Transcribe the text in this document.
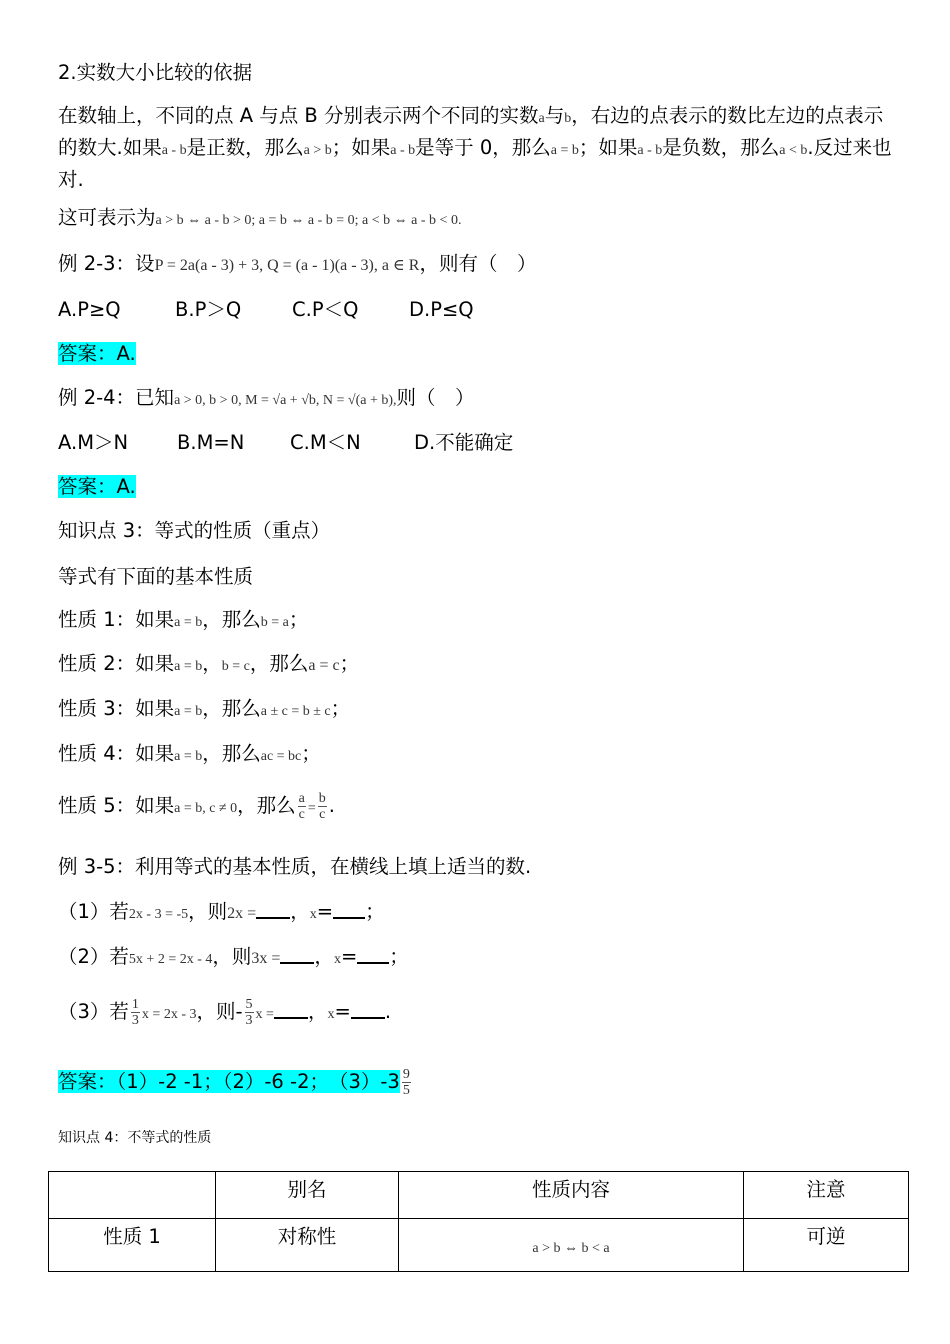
2.实数大小比较的依据
在数轴上，不同的点 A 与点 B 分别表示两个不同的实数a与b，右边的点表示的数比左边的点表示的数大.如果a - b是正数，那么a > b；如果a - b是等于 0，那么a = b；如果a - b是负数，那么a < b.反过来也对.
这可表示为a > b ⇔ a - b > 0; a = b ⇔ a - b = 0; a < b ⇔ a - b < 0.
例 2-3：设P = 2a(a - 3) + 3, Q = (a - 1)(a - 3), a ∈ R，则有（　）
A.P≥Q	B.P＞Q	C.P＜Q	D.P≤Q
答案：A.
例 2-4：已知a > 0, b > 0, M = √a + √b, N = √(a + b),则（　）
A.M＞N	B.M=N C.M＜N	D.不能确定
答案：A.
知识点 3：等式的性质（重点）
等式有下面的基本性质
性质 1：如果a = b，那么b = a；
性质 2：如果a = b，b = c，那么a = c；
性质 3：如果a = b，那么a ± c = b ± c；
性质 4：如果a = b，那么ac = bc；
性质 5：如果a = b, c ≠ 0，那么 $\frac{a}{c} = \frac{b}{c}$ .
例 3-5：利用等式的基本性质，在横线上填上适当的数.
（1）若2x - 3 = -5，则2x = ，x= ；
（2）若5x + 2 = 2x - 4，则3x = ，x= ；
（3）若 $\frac{1}{3}$ x = 2x - 3，则- $\frac{5}{3}$ x = ，x= .
答案：（1）-2 -1；（2）-6 -2；　$(3)-3 \frac{9}{5}$
知识点 4：不等式的性质
	别名	性质内容	注意
性质 1	对称性	a > b ⇔ b < a	可逆
